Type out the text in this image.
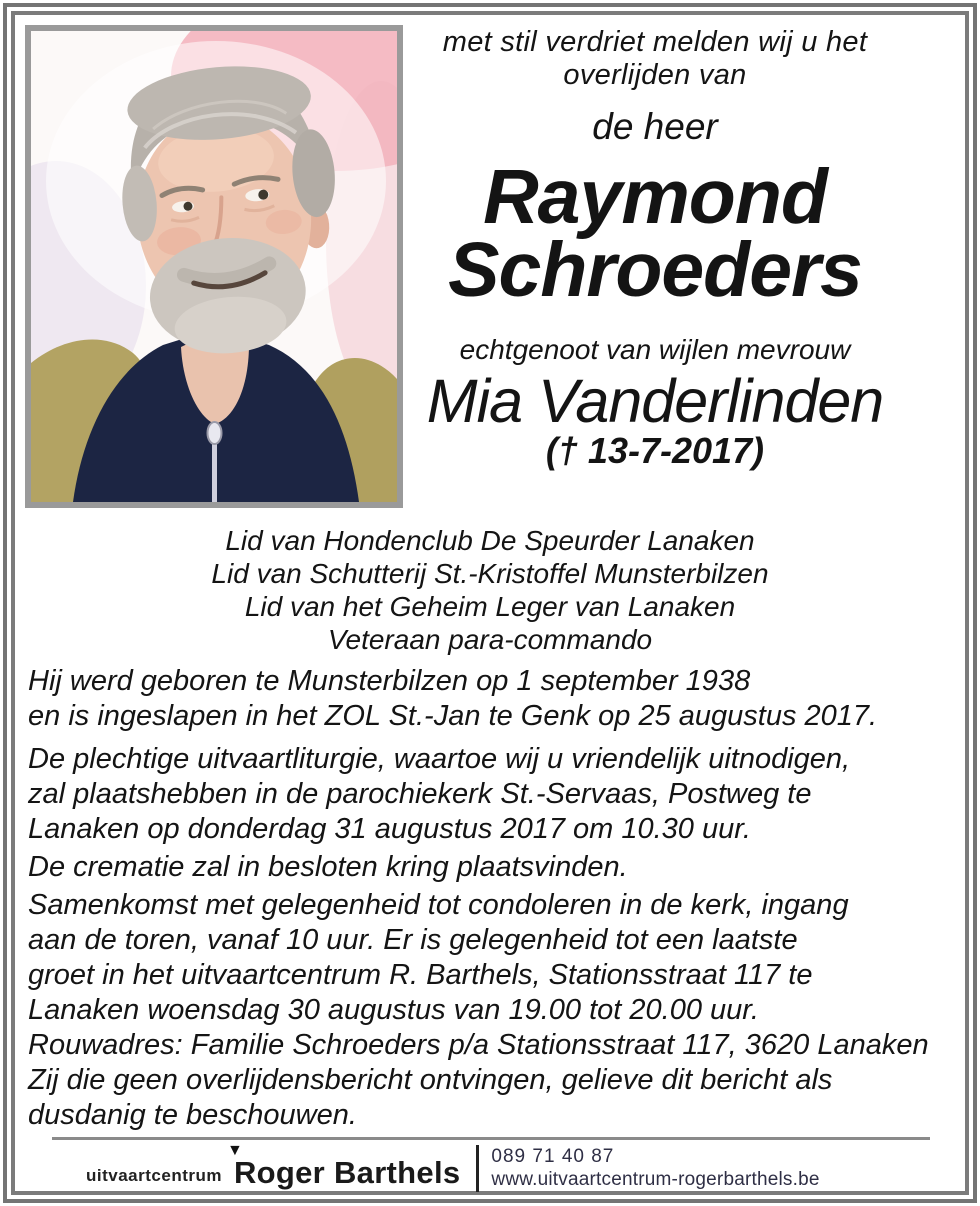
met stil verdriet melden wij u het
overlijden van
de heer
Raymond
Schroeders
echtgenoot van wijlen mevrouw
Mia Vanderlinden
(† 13-7-2017)
Lid van Hondenclub De Speurder Lanaken
Lid van Schutterij St.-Kristoffel Munsterbilzen
Lid van het Geheim Leger van Lanaken
Veteraan para-commando
Hij werd geboren te Munsterbilzen op 1 september 1938
en is ingeslapen in het ZOL St.-Jan te Genk op 25 augustus 2017.
De plechtige uitvaartliturgie, waartoe wij u vriendelijk uitnodigen,
zal plaatshebben in de parochiekerk St.-Servaas, Postweg te
Lanaken op donderdag 31 augustus 2017 om 10.30 uur.
De crematie zal in besloten kring plaatsvinden.
Samenkomst met gelegenheid tot condoleren in de kerk, ingang
aan de toren, vanaf 10 uur. Er is gelegenheid tot een laatste
groet in het uitvaartcentrum R. Barthels, Stationsstraat 117 te
Lanaken woensdag 30 augustus van 19.00 tot 20.00 uur.
Rouwadres: Familie Schroeders p/a Stationsstraat 117, 3620 Lanaken
Zij die geen overlijdensbericht ontvingen, gelieve dit bericht als
dusdanig te beschouwen.
uitvaartcentrum
▼
Roger Barthels 089 71 40 87
www.uitvaartcentrum-rogerbarthels.be
